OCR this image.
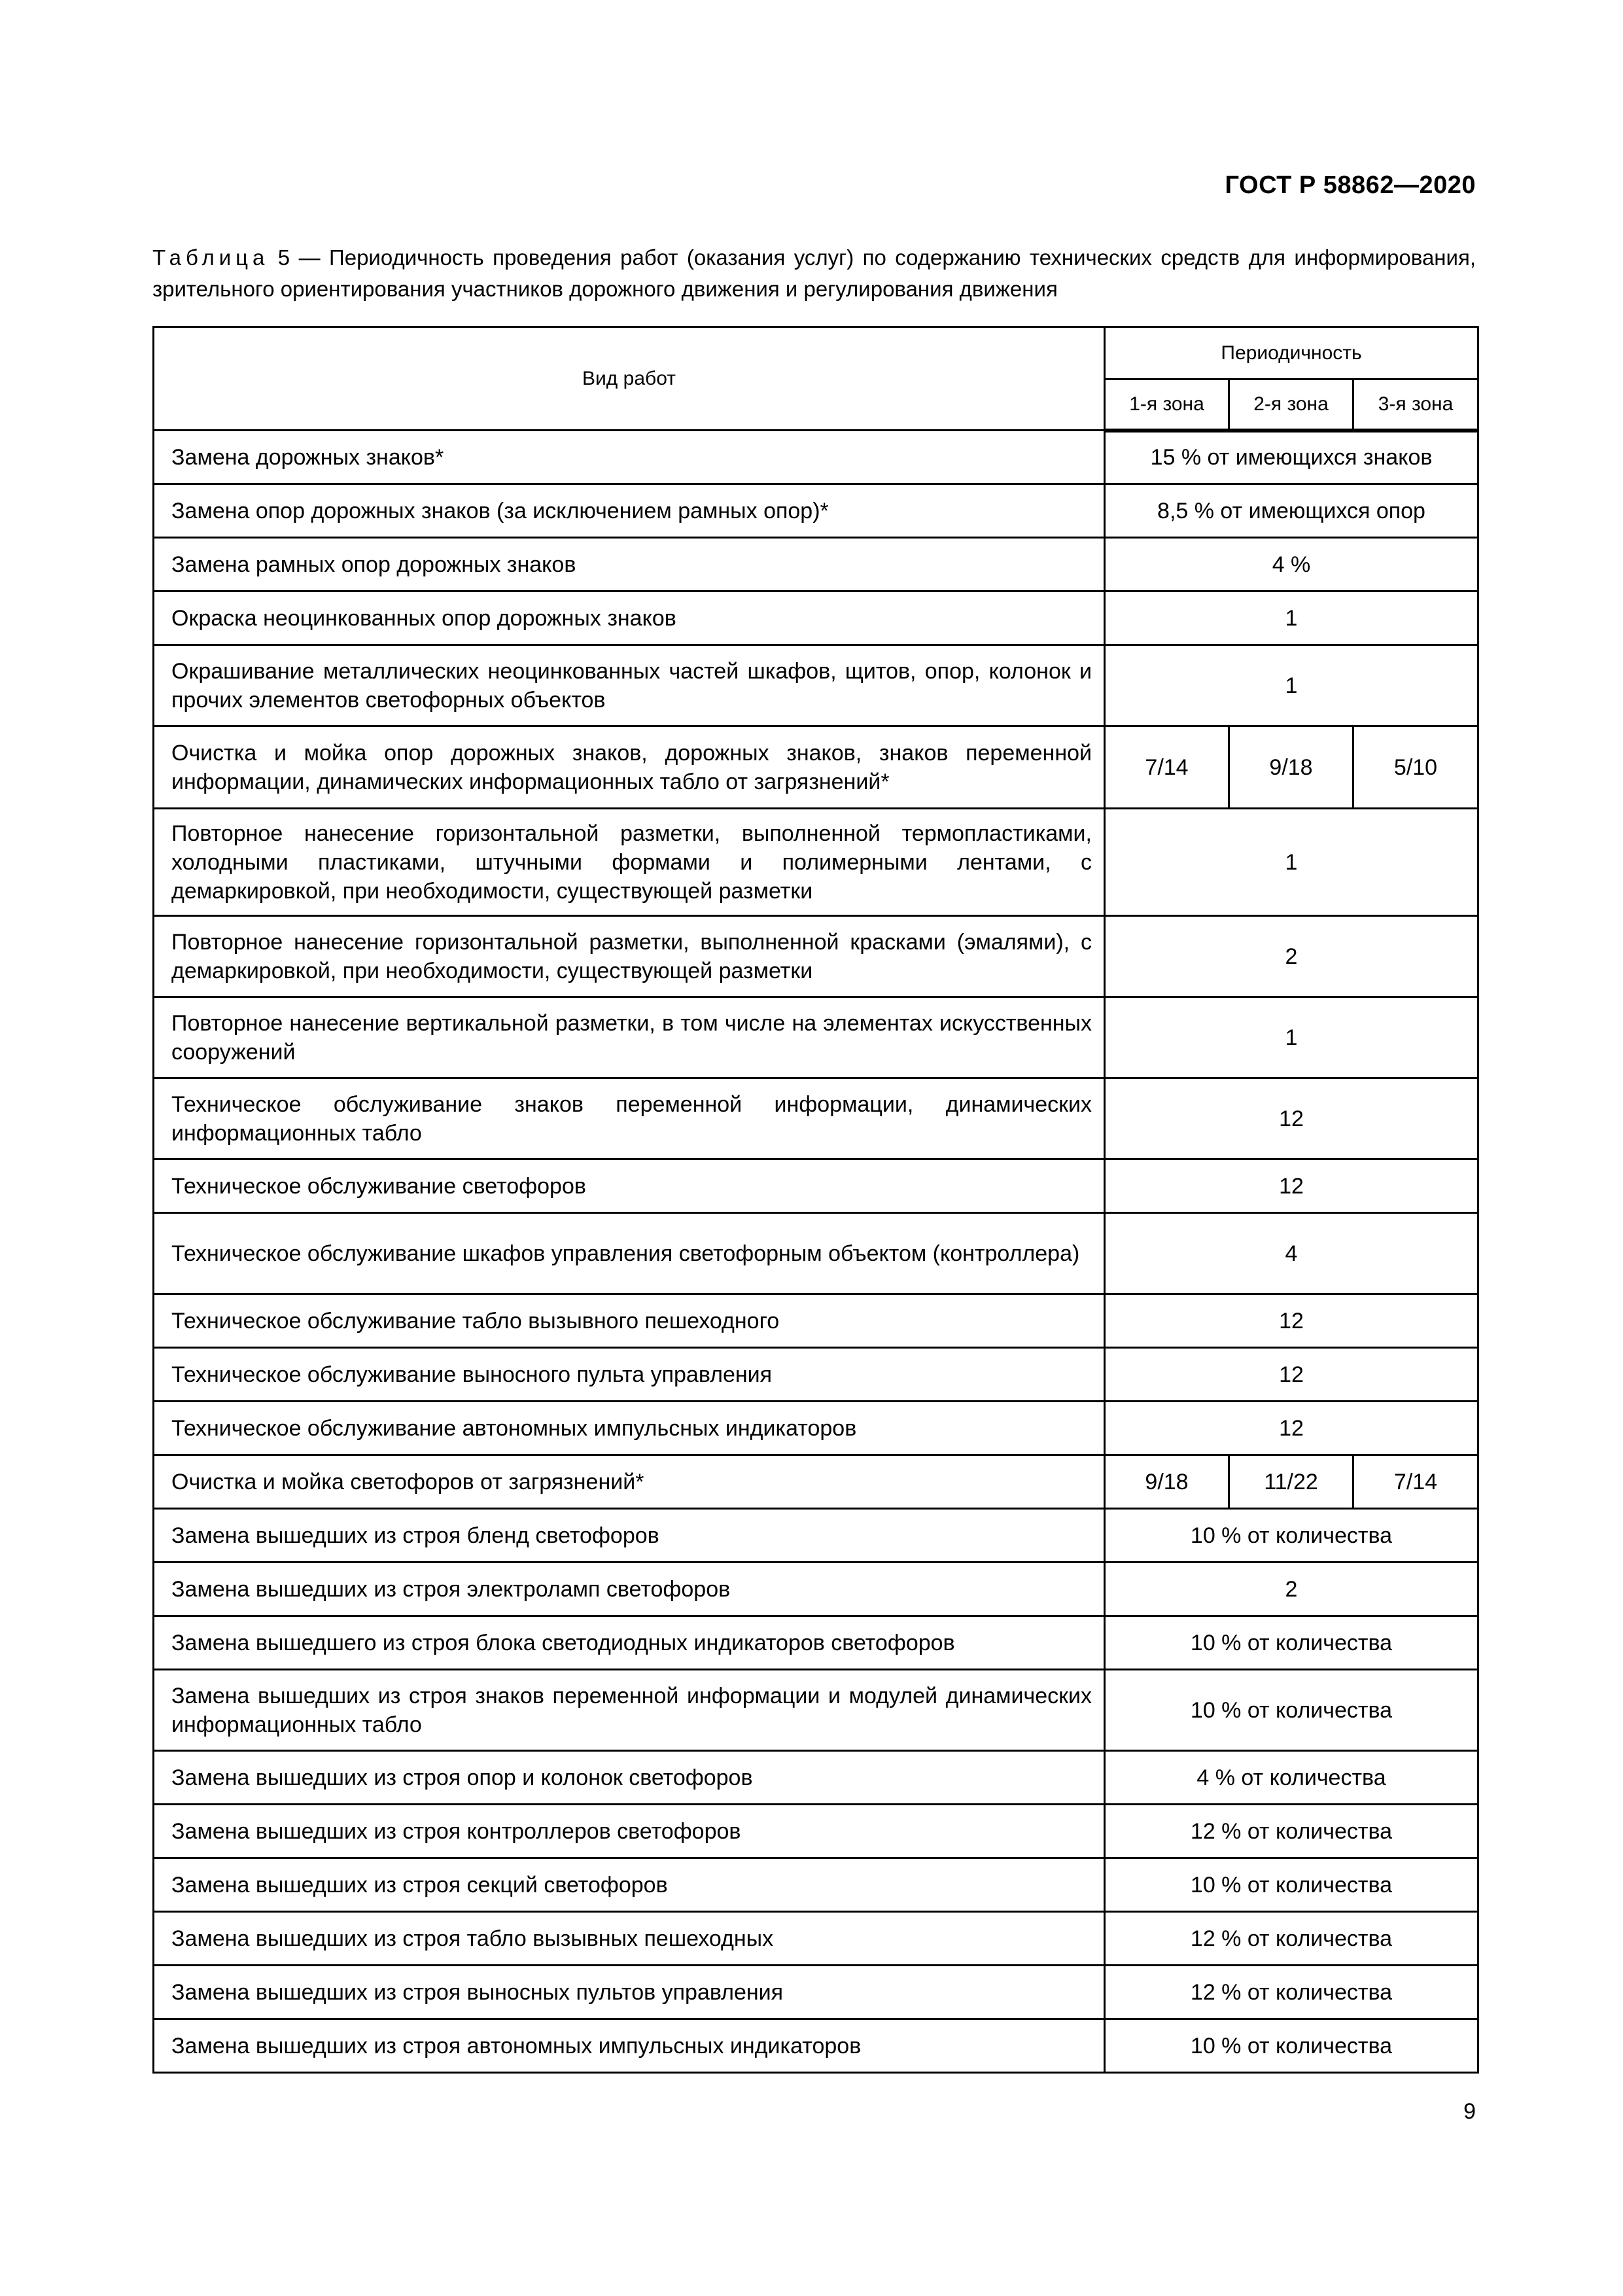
ГОСТ Р 58862—2020
Таблица 5 — Периодичность проведения работ (оказания услуг) по содержанию технических средств для информирования, зрительного ориентирования участников дорожного движения и регулирования движения
Вид работ	Периодичность		
	1-я зона	2-я зона	3-я зона
Замена дорожных знаков*	15 % от имеющихся знаков		
Замена опор дорожных знаков (за исключением рамных опор)*	8,5 % от имеющихся опор		
Замена рамных опор дорожных знаков	4 %		
Окраска неоцинкованных опор дорожных знаков	1		
Окрашивание металлических неоцинкованных частей шкафов, щитов, опор, колонок и прочих элементов светофорных объектов	1		
Очистка и мойка опор дорожных знаков, дорожных знаков, знаков переменной информации, динамических информационных табло от загрязнений*	7/14	9/18	5/10
Повторное нанесение горизонтальной разметки, выполненной термопластиками, холодными пластиками, штучными формами и полимерными лентами, с демаркировкой, при необходимости, существующей разметки	1		
Повторное нанесение горизонтальной разметки, выполненной красками (эмалями), с демаркировкой, при необходимости, существующей разметки	2		
Повторное нанесение вертикальной разметки, в том числе на элементах искусственных сооружений	1		
Техническое обслуживание знаков переменной информации, динамических информационных табло	12		
Техническое обслуживание светофоров	12		
Техническое обслуживание шкафов управления светофорным объектом (контроллера)	4		
Техническое обслуживание табло вызывного пешеходного	12		
Техническое обслуживание выносного пульта управления	12		
Техническое обслуживание автономных импульсных индикаторов	12		
Очистка и мойка светофоров от загрязнений*	9/18	11/22	7/14
Замена вышедших из строя бленд светофоров	10 % от количества		
Замена вышедших из строя электроламп светофоров	2		
Замена вышедшего из строя блока светодиодных индикаторов светофоров	10 % от количества		
Замена вышедших из строя знаков переменной информации и модулей динамических информационных табло	10 % от количества		
Замена вышедших из строя опор и колонок светофоров	4 % от количества		
Замена вышедших из строя контроллеров светофоров	12 % от количества		
Замена вышедших из строя секций светофоров	10 % от количества		
Замена вышедших из строя табло вызывных пешеходных	12 % от количества		
Замена вышедших из строя выносных пультов управления	12 % от количества		
Замена вышедших из строя автономных импульсных индикаторов	10 % от количества		
9
